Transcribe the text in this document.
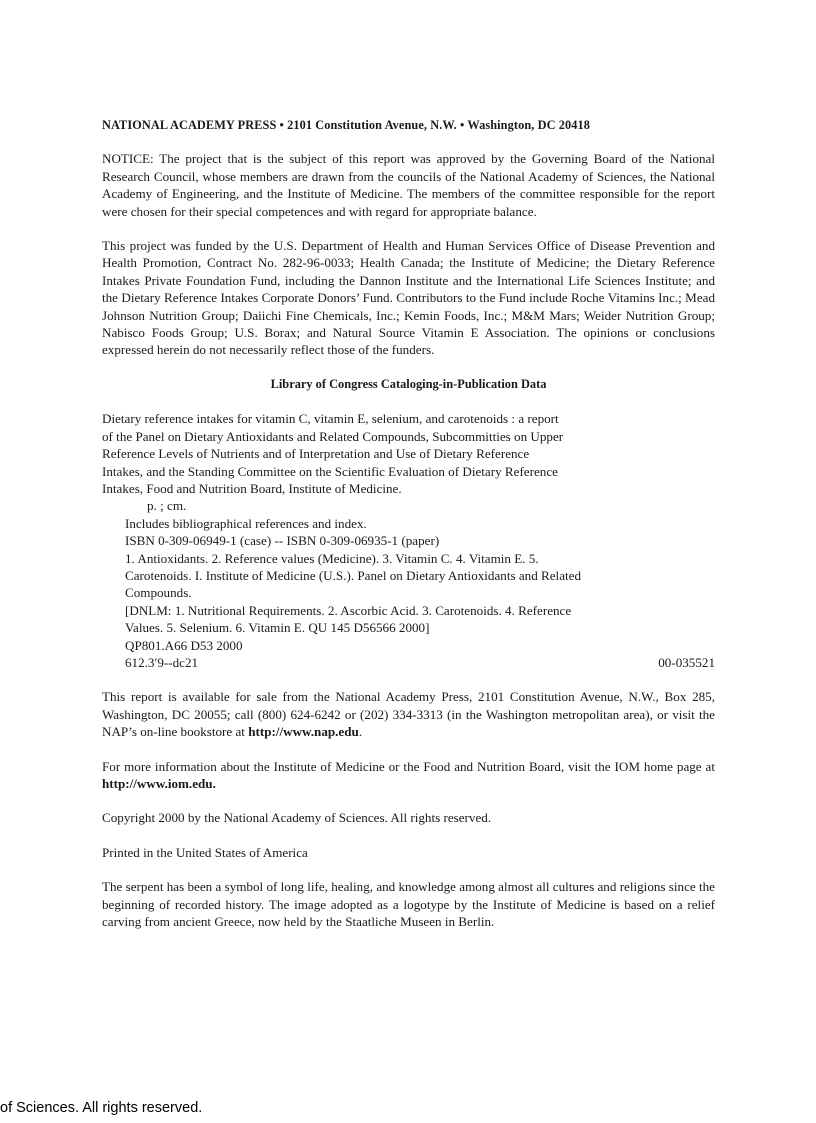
NATIONAL ACADEMY PRESS • 2101 Constitution Avenue, N.W. • Washington, DC 20418

NOTICE: The project that is the subject of this report was approved by the Governing Board of the National Research Council, whose members are drawn from the councils of the National Academy of Sciences, the National Academy of Engineering, and the Institute of Medicine. The members of the committee responsible for the report were chosen for their special competences and with regard for appropriate balance.

This project was funded by the U.S. Department of Health and Human Services Office of Disease Prevention and Health Promotion, Contract No. 282-96-0033; Health Canada; the Institute of Medicine; the Dietary Reference Intakes Private Foundation Fund, including the Dannon Institute and the International Life Sciences Institute; and the Dietary Reference Intakes Corporate Donors’ Fund. Contributors to the Fund include Roche Vitamins Inc.; Mead Johnson Nutrition Group; Daiichi Fine Chemicals, Inc.; Kemin Foods, Inc.; M&M Mars; Weider Nutrition Group; Nabisco Foods Group; U.S. Borax; and Natural Source Vitamin E Association. The opinions or conclusions expressed herein do not necessarily reflect those of the funders.

Library of Congress Cataloging-in-Publication Data
Dietary reference intakes for vitamin C, vitamin E, selenium, and carotenoids : a report
of the Panel on Dietary Antioxidants and Related Compounds, Subcommitties on Upper
Reference Levels of Nutrients and of Interpretation and Use of Dietary Reference
Intakes, and the Standing Committee on the Scientific Evaluation of Dietary Reference
Intakes, Food and Nutrition Board, Institute of Medicine.
p. ; cm.
Includes bibliographical references and index.
ISBN 0-309-06949-1 (case) -- ISBN 0-309-06935-1 (paper)
1. Antioxidants. 2. Reference values (Medicine). 3. Vitamin C. 4. Vitamin E. 5.
Carotenoids. I. Institute of Medicine (U.S.). Panel on Dietary Antioxidants and Related
Compounds.
[DNLM: 1. Nutritional Requirements. 2. Ascorbic Acid. 3. Carotenoids. 4. Reference
Values. 5. Selenium. 6. Vitamin E. QU 145 D56566 2000]
QP801.A66 D53 2000
612.3′9--dc21	00-035521

This report is available for sale from the National Academy Press, 2101 Constitution Avenue, N.W., Box 285, Washington, DC 20055; call (800) 624-6242 or (202) 334-3313 (in the Washington metropolitan area), or visit the NAP’s on-line bookstore at http://www.nap.edu.

For more information about the Institute of Medicine or the Food and Nutrition Board, visit the IOM home page at http://www.iom.edu.

Copyright 2000 by the National Academy of Sciences. All rights reserved.

Printed in the United States of America

The serpent has been a symbol of long life, healing, and knowledge among almost all cultures and religions since the beginning of recorded history. The image adopted as a logotype by the Institute of Medicine is based on a relief carving from ancient Greece, now held by the Staatliche Museen in Berlin.

of Sciences. All rights reserved.
